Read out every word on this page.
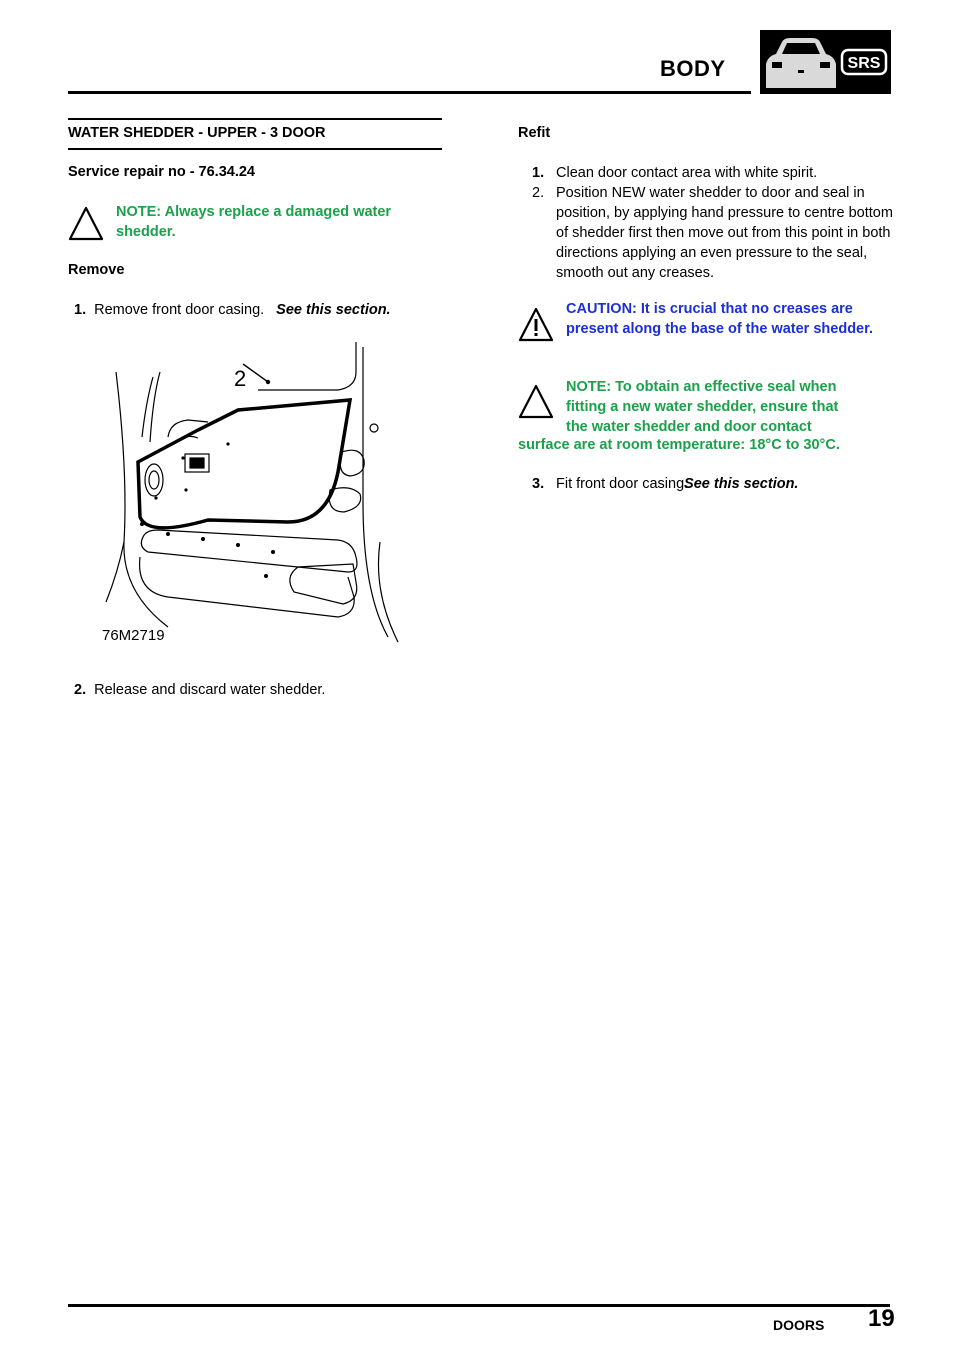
BODY	SRS
WATER SHEDDER - UPPER - 3 DOOR
Service repair no - 76.34.24
NOTE: Always replace a damaged water shedder.
Remove
1. Remove front door casing. See this section.
2
76M2719
2. Release and discard water shedder.
Refit
1. Clean door contact area with white spirit.
2. Position NEW water shedder to door and seal in position, by applying hand pressure to centre bottom of shedder first then move out from this point in both directions applying an even pressure to the seal, smooth out any creases.
CAUTION: It is crucial that no creases are present along the base of the water shedder.
NOTE: To obtain an effective seal when
fitting a new water shedder, ensure that
the water shedder and door contact
surface are at room temperature: 18°C to 30°C.
3. Fit front door casing. See this section.
DOORS 19
